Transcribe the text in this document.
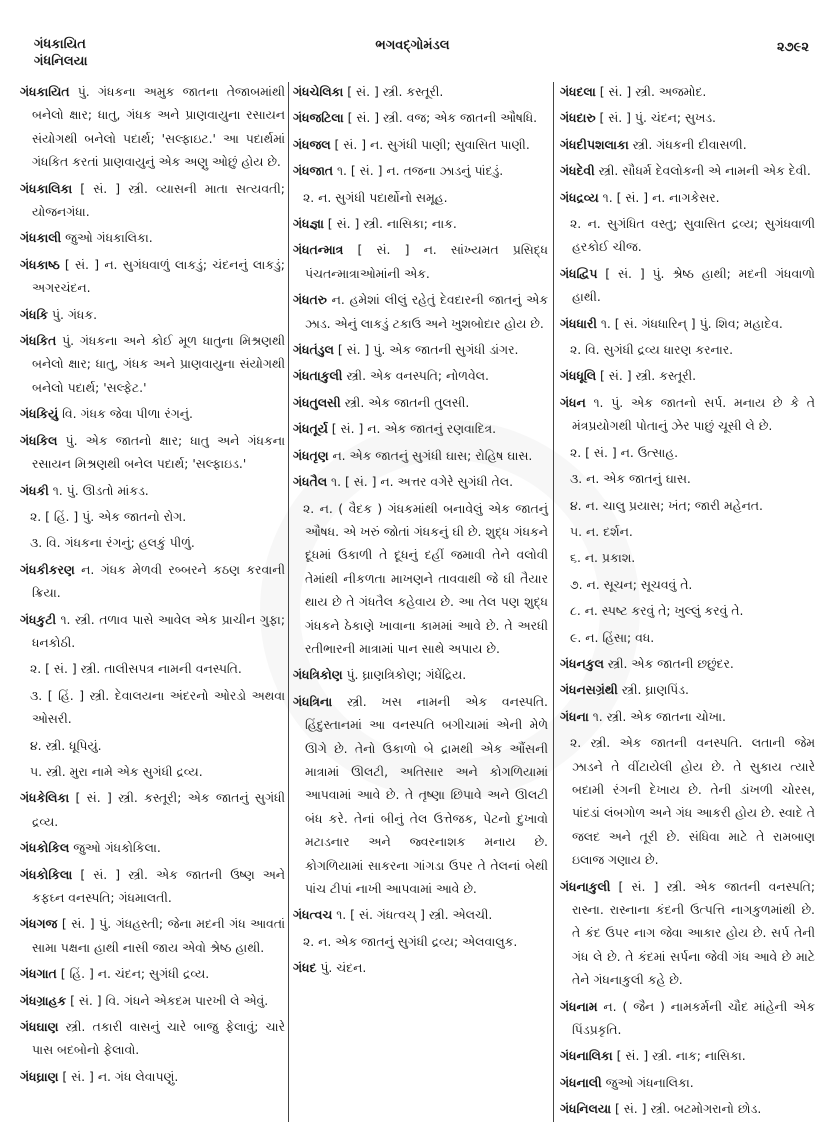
ગંધકાયિત
ગંધનિલયા
ભગવદ્ગોમંડલ	૨૭૯૨
ગંધકાયિત પું. ગંધકના અમુક જાતના તેજાબમાંથી બનેલો ક્ષાર; ધાતુ, ગંધક અને પ્રાણવાયુના રસાયન સંયોગથી બનેલો પદાર્થ; 'સલ્ફાઇટ.' આ પદાર્થમાં ગંધકિત કરતાં પ્રાણવાયુનું એક અણુ ઓછું હોય છે.
ગંધકાલિકા [ સં. ] સ્ત્રી. વ્યાસની માતા સત્યવતી; યોજનગંધા.
ગંધકાલી જુઓ ગંધકાલિકા.
ગંધકાષ્ઠ [ સં. ] ન. સુગંધવાળું લાકડું; ચંદનનું લાકડું; અગરચંદન.
ગંધકિ પું. ગંધક.
ગંધકિત પું. ગંધકના અને કોઈ મૂળ ધાતુના મિશ્રણથી બનેલો ક્ષાર; ધાતુ, ગંધક અને પ્રાણવાયુના સંયોગથી બનેલો પદાર્થ; 'સલ્ફેટ.'
ગંધકિયું વિ. ગંધક જેવા પીળા રંગનું.
ગંધકિલ પું. એક જાતનો ક્ષાર; ધાતુ અને ગંધકના રસાયન મિશ્રણથી બનેલ પદાર્થ; 'સલ્ફાઇડ.'
ગંધકી ૧. પું. ઊડતો માંકડ.
૨. [ હિં. ] પું. એક જાતનો રોગ.
૩. વિ. ગંધકના રંગનું; હલકું પીળું.
ગંધકીકરણ ન. ગંધક મેળવી રબ્બરને કઠણ કરવાની ક્રિયા.
ગંધકુટી ૧. સ્ત્રી. તળાવ પાસે આવેલ એક પ્રાચીન ગુફા; ધનકોઠી.
૨. [ સં. ] સ્ત્રી. તાલીસપત્ર નામની વનસ્પતિ.
૩. [ હિં. ] સ્ત્રી. દેવાલયના અંદરનો ઓરડો અથવા ઓસરી.
૪. સ્ત્રી. ધૂપિયું.
૫. સ્ત્રી. મુરા નામે એક સુગંધી દ્રવ્ય.
ગંધકેલિકા [ સં. ] સ્ત્રી. કસ્તૂરી; એક જાતનું સુગંધી દ્રવ્ય.
ગંધકોકિલ જુઓ ગંધકોકિલા.
ગંધકોકિલા [ સં. ] સ્ત્રી. એક જાતની ઉષ્ણ અને કફઘ્ન વનસ્પતિ; ગંધમાલતી.
ગંધગજ [ સં. ] પું. ગંધહસ્તી; જેના મદની ગંધ આવતાં સામા પક્ષના હાથી નાસી જાય એવો શ્રેષ્ઠ હાથી.
ગંધગાત [ હિં. ] ન. ચંદન; સુગંધી દ્રવ્ય.
ગંધગ્રાહક [ સં. ] વિ. ગંધને એકદમ પારખી લે એવું.
ગંધઘાણ સ્ત્રી. તકારી વાસનું ચારે બાજુ ફેલાવું; ચારે પાસ બદબોનો ફેલાવો.
ગંધઘ્રાણ [ સં. ] ન. ગંધ લેવાપણું.
ગંધચેલિકા [ સં. ] સ્ત્રી. કસ્તૂરી.
ગંધજટિલા [ સં. ] સ્ત્રી. વજ; એક જાતની ઔષધિ.
ગંધજલ [ સં. ] ન. સુગંધી પાણી; સુવાસિત પાણી.
ગંધજાત ૧. [ સં. ] ન. તજના ઝાડનું પાંદડું.
૨. ન. સુગંધી પદાર્થોનો સમૂહ.
ગંધજ્ઞા [ સં. ] સ્ત્રી. નાસિકા; નાક.
ગંધતન્માત્ર [ સં. ] ન. સાંખ્યમત પ્રસિદ્ધ પંચતન્માત્રાઓમાંની એક.
ગંધતરુ ન. હમેશાં લીલું રહેતું દેવદારની જાતનું એક ઝાડ. એનું લાકડું ટકાઉ અને ખુશબોદાર હોય છે.
ગંધતંડુલ [ સં. ] પું. એક જાતની સુગંધી ડાંગર.
ગંધતાકુલી સ્ત્રી. એક વનસ્પતિ; નોળવેલ.
ગંધતુલસી સ્ત્રી. એક જાતની તુલસી.
ગંધતૂર્ય [ સં. ] ન. એક જાતનું રણવાદિત્ર.
ગંધતૃણ ન. એક જાતનું સુગંધી ઘાસ; રોહિષ ઘાસ.
ગંધતૈલ ૧. [ સં. ] ન. અત્તર વગેરે સુગંધી તેલ.
૨. ન. ( વૈદક ) ગંધકમાંથી બનાવેલું એક જાતનું ઔષધ. એ ખરું જોતાં ગંધકનું ઘી છે. શુદ્ધ ગંધકને દૂધમાં ઉકાળી તે દૂધનું દહીં જમાવી તેને વલોવી તેમાંથી નીકળતા માખણને તાવવાથી જે ઘી તૈયાર થાય છે તે ગંધતૈલ કહેવાય છે. આ તેલ પણ શુદ્ધ ગંધકને ઠેકાણે ખાવાના કામમાં આવે છે. તે અરધી રતીભારની માત્રામાં પાન સાથે અપાય છે.
ગંધત્રિકોણ પું. ઘ્રાણત્રિકોણ; ગંધેંદ્રિય.
ગંધત્રિના સ્ત્રી. ખસ નામની એક વનસ્પતિ. હિંદુસ્તાનમાં આ વનસ્પતિ બગીચામાં એની મેળે ઊગે છે. તેનો ઉકાળો બે દ્રામથી એક ઔંસની માત્રામાં ઊલટી, અતિસાર અને કોગળિયામાં આપવામાં આવે છે. તે તૃષ્ણા છિપાવે અને ઊલટી બંધ કરે. તેનાં બીનું તેલ ઉત્તેજક, પેટનો દુખાવો મટાડનાર અને જ્વરનાશક મનાય છે. કોગળિયામાં સાકરના ગાંગડા ઉપર તે તેલનાં બેથી પાંચ ટીપાં નાખી આપવામાં આવે છે.
ગંધત્વચ ૧. [ સં. ગંધત્વચ્ ] સ્ત્રી. એલચી.
૨. ન. એક જાતનું સુગંધી દ્રવ્ય; એલવાલુક.
ગંધદ પું. ચંદન.
ગંધદલા [ સં. ] સ્ત્રી. અજમોદ.
ગંધદારુ [ સં. ] પું. ચંદન; સુખડ.
ગંધદીપશલાકા સ્ત્રી. ગંધકની દીવાસળી.
ગંધદેવી સ્ત્રી. સૌધર્મ દેવલોકની એ નામની એક દેવી.
ગંધદ્રવ્ય ૧. [ સં. ] ન. નાગકેસર.
૨. ન. સુગંધિત વસ્તુ; સુવાસિત દ્રવ્ય; સુગંધવાળી હરકોઈ ચીજ.
ગંધદ્વિપ [ સં. ] પું. શ્રેષ્ઠ હાથી; મદની ગંધવાળો હાથી.
ગંધધારી ૧. [ સં. ગંધધારિન્ ] પું. શિવ; મહાદેવ.
૨. વિ. સુગંધી દ્રવ્ય ધારણ કરનાર.
ગંધધૂલિ [ સં. ] સ્ત્રી. કસ્તૂરી.
ગંધન ૧. પું. એક જાતનો સર્પ. મનાય છે કે તે મંત્રપ્રયોગથી પોતાનું ઝેર પાછું ચૂસી લે છે.
૨. [ સં. ] ન. ઉત્સાહ.
૩. ન. એક જાતનું ઘાસ.
૪. ન. ચાલુ પ્રયાસ; ખંત; જારી મહેનત.
૫. ન. દર્શન.
૬. ન. પ્રકાશ.
૭. ન. સૂચન; સૂચવવું તે.
૮. ન. સ્પષ્ટ કરવું તે; ખુલ્લું કરવું તે.
૯. ન. હિંસા; વધ.
ગંધનકુલ સ્ત્રી. એક જાતની છછુંદર.
ગંધનસગ્રંથી સ્ત્રી. ઘ્રાણપિંડ.
ગંધના ૧. સ્ત્રી. એક જાતના ચોખા.
૨. સ્ત્રી. એક જાતની વનસ્પતિ. લતાની જેમ ઝાડને તે વીંટાયેલી હોય છે. તે સુકાય ત્યારે બદામી રંગની દેખાય છે. તેની ડાંખળી ચોરસ, પાંદડાં લંબગોળ અને ગંધ આકરી હોય છે. સ્વાદે તે જલદ અને તૂરી છે. સંધિવા માટે તે રામબાણ ઇલાજ ગણાય છે.
ગંધનાકુલી [ સં. ] સ્ત્રી. એક જાતની વનસ્પતિ; રાસ્ના. રાસ્નાના કંદની ઉત્પત્તિ નાગકુળમાંથી છે. તે કંદ ઉપર નાગ જેવા આકાર હોય છે. સર્પ તેની ગંધ લે છે. તે કંદમાં સર્પના જેવી ગંધ આવે છે માટે તેને ગંધનાકુલી કહે છે.
ગંધનામ ન. ( જૈન ) નામકર્મની ચૌદ માંહેની એક પિંડપ્રકૃતિ.
ગંધનાલિકા [ સં. ] સ્ત્રી. નાક; નાસિકા.
ગંધનાલી જુઓ ગંધનાલિકા.
ગંધનિલયા [ સં. ] સ્ત્રી. બટમોગરાનો છોડ.
